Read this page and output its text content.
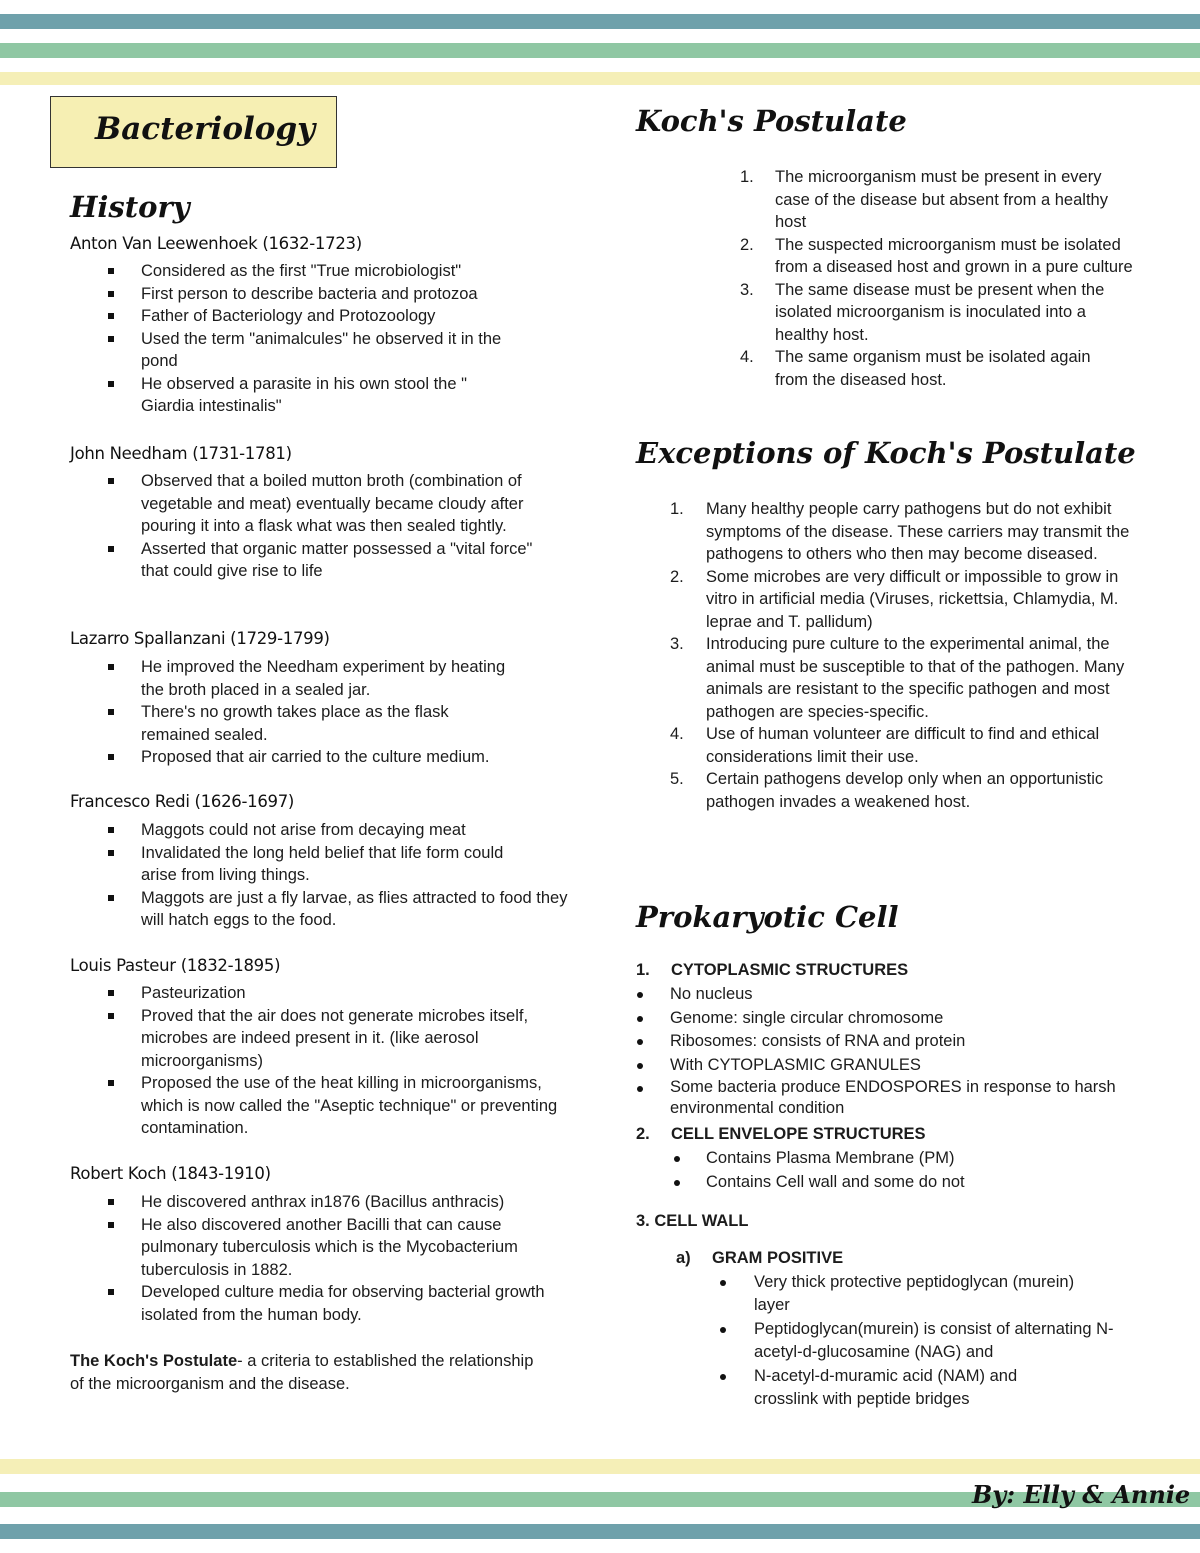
Bacteriology
History
Anton Van Leewenhoek (1632-1723)
Considered as the first "True microbiologist"
First person to describe bacteria and protozoa
Father of Bacteriology and Protozoology
Used the term "animalcules" he observed it in the pond
He observed a parasite in his own stool the " Giardia intestinalis"
John Needham (1731-1781)
Observed that a boiled mutton broth (combination of vegetable and meat) eventually became cloudy after pouring it into a flask what was then sealed tightly.
Asserted that organic matter possessed a "vital force" that could give rise to life
Lazarro Spallanzani (1729-1799)
He improved the Needham experiment by heating the broth placed in a sealed jar.
There's no growth takes place as the flask remained sealed.
Proposed that air carried to the culture medium.
Francesco Redi (1626-1697)
Maggots could not arise from decaying meat
Invalidated the long held belief that life form could arise from living things.
Maggots are just a fly larvae, as flies attracted to food they will hatch eggs to the food.
Louis Pasteur (1832-1895)
Pasteurization
Proved that the air does not generate microbes itself, microbes are indeed present in it. (like aerosol microorganisms)
Proposed the use of the heat killing in microorganisms, which is now called the "Aseptic technique" or preventing contamination.
Robert Koch (1843-1910)
He discovered anthrax in1876 (Bacillus anthracis)
He also discovered another Bacilli that can cause pulmonary tuberculosis which is the Mycobacterium tuberculosis in 1882.
Developed culture media for observing bacterial growth isolated from the human body.
The Koch's Postulate- a criteria to established the relationship of the microorganism and the disease.
Koch's Postulate
1. The microorganism must be present in every case of the disease but absent from a healthy host
2. The suspected microorganism must be isolated from a diseased host and grown in a pure culture
3. The same disease must be present when the isolated microorganism is inoculated into a healthy host.
4. The same organism must be isolated again from the diseased host.
Exceptions of Koch's Postulate
1. Many healthy people carry pathogens but do not exhibit symptoms of the disease. These carriers may transmit the pathogens to others who then may become diseased.
2. Some microbes are very difficult or impossible to grow in vitro in artificial media (Viruses, rickettsia, Chlamydia, M. leprae and T. pallidum)
3. Introducing pure culture to the experimental animal, the animal must be susceptible to that of the pathogen. Many animals are resistant to the specific pathogen and most pathogen are species-specific.
4. Use of human volunteer are difficult to find and ethical considerations limit their use.
5. Certain pathogens develop only when an opportunistic pathogen invades a weakened host.
Prokaryotic Cell
1. CYTOPLASMIC STRUCTURES
No nucleus
Genome: single circular chromosome
Ribosomes: consists of RNA and protein
With CYTOPLASMIC GRANULES
Some bacteria produce ENDOSPORES in response to harsh environmental condition
2. CELL ENVELOPE STRUCTURES
Contains Plasma Membrane (PM)
Contains Cell wall and some do not
3. CELL WALL
a) GRAM POSITIVE
Very thick protective peptidoglycan (murein) layer
Peptidoglycan(murein) is consist of alternating N-acetyl-d-glucosamine (NAG) and
N-acetyl-d-muramic acid (NAM) and crosslink with peptide bridges
By: Elly & Annie
